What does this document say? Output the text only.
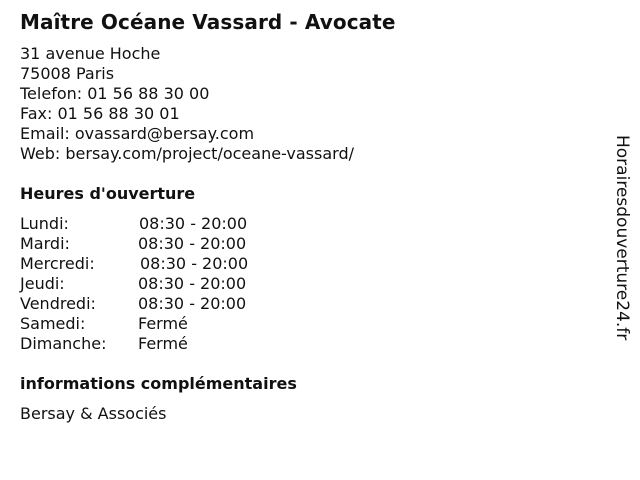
Maître Océane Vassard - Avocate
31 avenue Hoche
75008 Paris
Telefon: 01 56 88 30 00
Fax: 01 56 88 30 01
Email: ovassard@bersay.com
Web: bersay.com/project/oceane-vassard/
Heures d'ouverture
Lundi:	08:30 - 20:00
Mardi:	08:30 - 20:00
Mercredi:	08:30 - 20:00
Jeudi:	08:30 - 20:00
Vendredi:	08:30 - 20:00
Samedi:	Fermé
Dimanche: Fermé
informations complémentaires
Bersay & Associés
Horairesdouverture24.fr
